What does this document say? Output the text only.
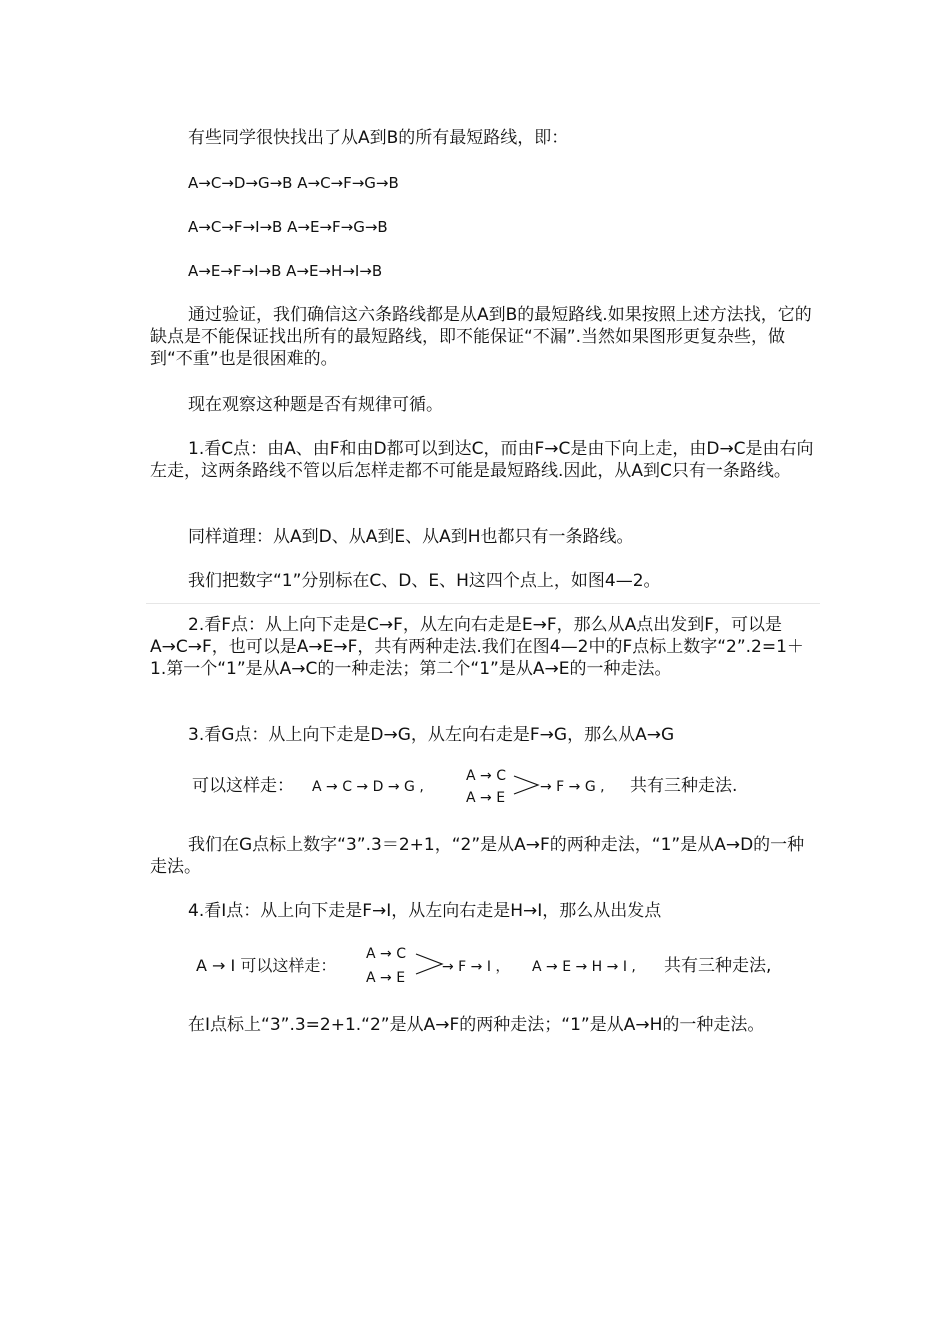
有些同学很快找出了从A到B的所有最短路线，即：
A→C→D→G→B A→C→F→G→B
A→C→F→I→B A→E→F→G→B
A→E→F→I→B A→E→H→I→B
通过验证，我们确信这六条路线都是从A到B的最短路线.如果按照上述方法找，它的缺点是不能保证找出所有的最短路线，即不能保证“不漏”.当然如果图形更复杂些，做到“不重”也是很困难的。
现在观察这种题是否有规律可循。
1.看C点：由A、由F和由D都可以到达C，而由F→C是由下向上走，由D→C是由右向左走，这两条路线不管以后怎样走都不可能是最短路线.因此，从A到C只有一条路线。
同样道理：从A到D、从A到E、从A到H也都只有一条路线。
我们把数字“1”分别标在C、D、E、H这四个点上，如图4—2。
2.看F点：从上向下走是C→F，从左向右走是E→F，那么从A点出发到F，可以是A→C→F，也可以是A→E→F，共有两种走法.我们在图4—2中的F点标上数字“2”.2=1＋1.第一个“1”是从A→C的一种走法；第二个“1”是从A→E的一种走法。
3.看G点：从上向下走是D→G，从左向右走是F→G，那么从A→G
可以这样走： A → C → D → G ,
A → C
A → E
→ F → G , 共有三种走法.
我们在G点标上数字“3”.3＝2+1，“2”是从A→F的两种走法，“1”是从A→D的一种走法。
4.看I点：从上向下走是F→I，从左向右走是H→I，那么从出发点
A → I 可以这样走：
A → C
A → E
→ F → I ， A → E → H → I , 共有三种走法,
在I点标上“3”.3=2+1.“2”是从A→F的两种走法；“1”是从A→H的一种走法。
